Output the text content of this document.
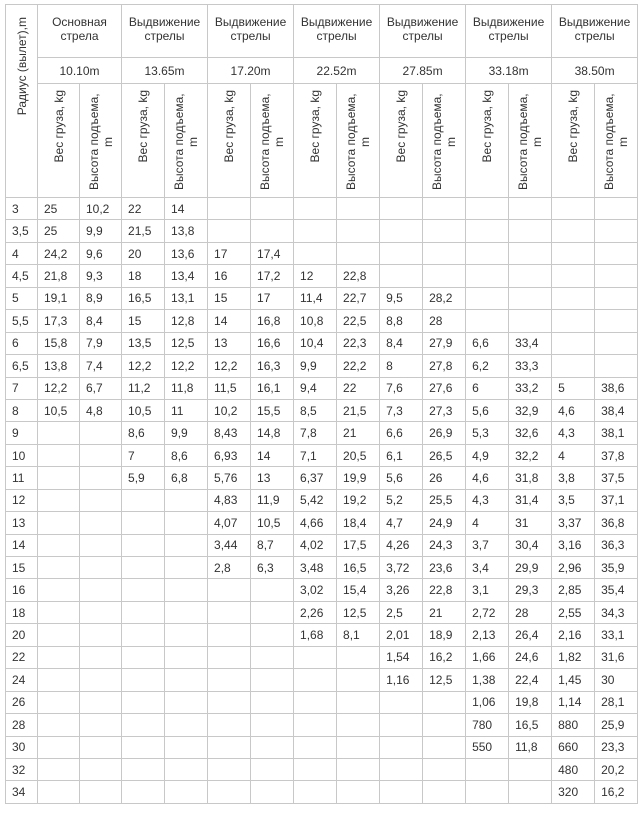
Радиус (вылет),m	Основная стрела		Выдвижение стрелы		Выдвижение стрелы		Выдвижение стрелы		Выдвижение стрелы		Выдвижение стрелы		Выдвижение стрелы	
	10.10m		13.65m		17.20m		22.52m		27.85m		33.18m		38.50m	
	Вес груза, kg	Высота подъема, m	Вес груза, kg	Высота подъема, m	Вес груза, kg	Высота подъема, m	Вес груза, kg	Высота подъема, m	Вес груза, kg	Высота подъема, m	Вес груза, kg	Высота подъема, m	Вес груза, kg	Высота подъема, m
3	25	10,2	22	14										
3,5	25	9,9	21,5	13,8										
4	24,2	9,6	20	13,6	17	17,4								
4,5	21,8	9,3	18	13,4	16	17,2	12	22,8						
5	19,1	8,9	16,5	13,1	15	17	11,4	22,7	9,5	28,2				
5,5	17,3	8,4	15	12,8	14	16,8	10,8	22,5	8,8	28				
6	15,8	7,9	13,5	12,5	13	16,6	10,4	22,3	8,4	27,9	6,6	33,4		
6,5	13,8	7,4	12,2	12,2	12,2	16,3	9,9	22,2	8	27,8	6,2	33,3		
7	12,2	6,7	11,2	11,8	11,5	16,1	9,4	22	7,6	27,6	6	33,2	5	38,6
8	10,5	4,8	10,5	11	10,2	15,5	8,5	21,5	7,3	27,3	5,6	32,9	4,6	38,4
9			8,6	9,9	8,43	14,8	7,8	21	6,6	26,9	5,3	32,6	4,3	38,1
10			7	8,6	6,93	14	7,1	20,5	6,1	26,5	4,9	32,2	4	37,8
11			5,9	6,8	5,76	13	6,37	19,9	5,6	26	4,6	31,8	3,8	37,5
12					4,83	11,9	5,42	19,2	5,2	25,5	4,3	31,4	3,5	37,1
13					4,07	10,5	4,66	18,4	4,7	24,9	4	31	3,37	36,8
14					3,44	8,7	4,02	17,5	4,26	24,3	3,7	30,4	3,16	36,3
15					2,8	6,3	3,48	16,5	3,72	23,6	3,4	29,9	2,96	35,9
16							3,02	15,4	3,26	22,8	3,1	29,3	2,85	35,4
18							2,26	12,5	2,5	21	2,72	28	2,55	34,3
20							1,68	8,1	2,01	18,9	2,13	26,4	2,16	33,1
22									1,54	16,2	1,66	24,6	1,82	31,6
24									1,16	12,5	1,38	22,4	1,45	30
26											1,06	19,8	1,14	28,1
28											780	16,5	880	25,9
30											550	11,8	660	23,3
32													480	20,2
34													320	16,2
